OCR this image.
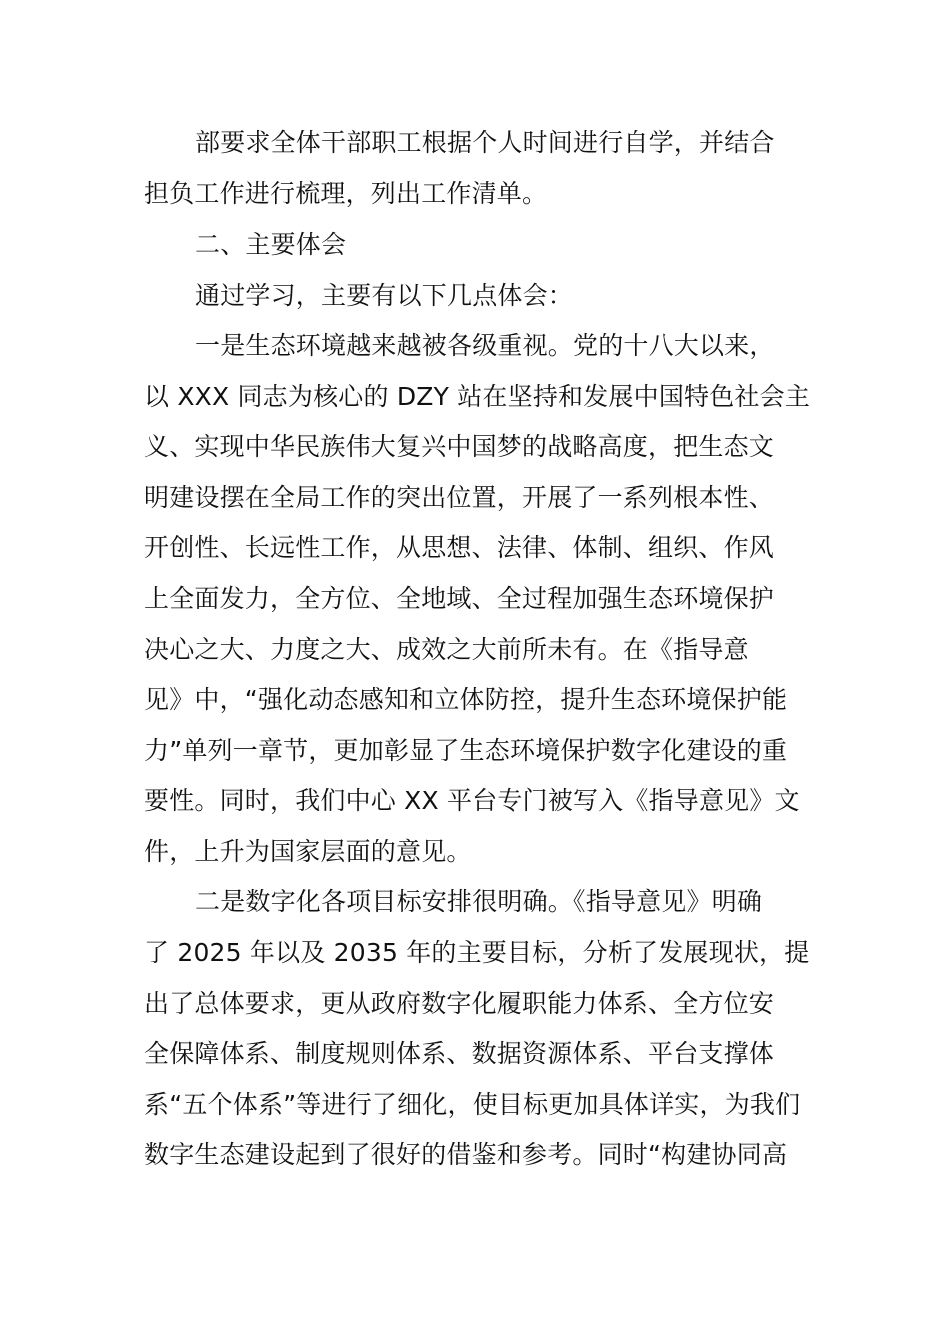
部要求全体干部职工根据个人时间进行自学，并结合
担负工作进行梳理，列出工作清单。
二、主要体会
通过学习，主要有以下几点体会：
一是生态环境越来越被各级重视。党的十八大以来，
以 XXX 同志为核心的 DZY 站在坚持和发展中国特色社会主
义、实现中华民族伟大复兴中国梦的战略高度，把生态文
明建设摆在全局工作的突出位置，开展了一系列根本性、
开创性、长远性工作，从思想、法律、体制、组织、作风
上全面发力，全方位、全地域、全过程加强生态环境保护
决心之大、力度之大、成效之大前所未有。在《指导意
见》中，“强化动态感知和立体防控，提升生态环境保护能
力”单列一章节，更加彰显了生态环境保护数字化建设的重
要性。同时，我们中心 XX 平台专门被写入《指导意见》文
件，上升为国家层面的意见。
二是数字化各项目标安排很明确。《指导意见》明确
了 2025 年以及 2035 年的主要目标，分析了发展现状，提
出了总体要求，更从政府数字化履职能力体系、全方位安
全保障体系、制度规则体系、数据资源体系、平台支撑体
系“五个体系”等进行了细化，使目标更加具体详实，为我们
数字生态建设起到了很好的借鉴和参考。同时“构建协同高
